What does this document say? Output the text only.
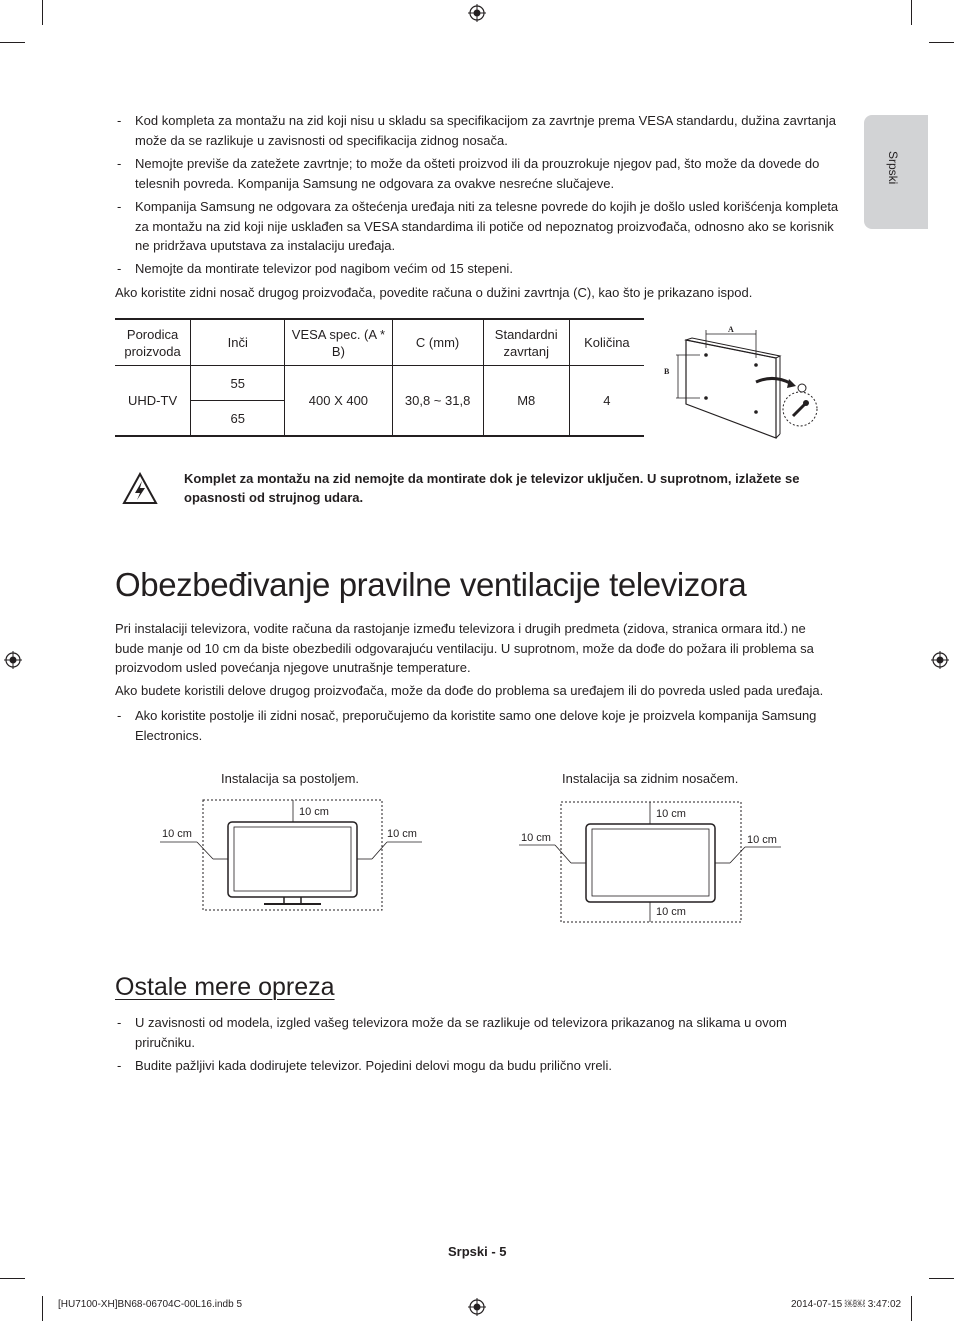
Srpski
- Kod kompleta za montažu na zid koji nisu u skladu sa specifikacijom za zavrtnje prema VESA standardu, dužina zavrtanja može da se razlikuje u zavisnosti od specifikacija zidnog nosača.
- Nemojte previše da zatežete zavrtnje; to može da ošteti proizvod ili da prouzrokuje njegov pad, što može da dovede do telesnih povreda. Kompanija Samsung ne odgovara za ovakve nesrećne slučajeve.
- Kompanija Samsung ne odgovara za oštećenja uređaja niti za telesne povrede do kojih je došlo usled korišćenja kompleta za montažu na zid koji nije usklađen sa VESA standardima ili potiče od nepoznatog proizvođača, odnosno ako se korisnik ne pridržava uputstava za instalaciju uređaja.
- Nemojte da montirate televizor pod nagibom većim od 15 stepeni.
Ako koristite zidni nosač drugog proizvođača, povedite računa o dužini zavrtnja (C), kao što je prikazano ispod.
Porodica proizvoda	Inči	VESA spec. (A * B)	C (mm)	Standardni zavrtanj	Količina
UHD-TV	55	400 X 400	30,8 ~ 31,8	M8	4
	65				
A
B
Komplet za montažu na zid nemojte da montirate dok je televizor uključen. U suprotnom, izlažete se opasnosti od strujnog udara.
Obezbeđivanje pravilne ventilacije televizora
Pri instalaciji televizora, vodite računa da rastojanje između televizora i drugih predmeta (zidova, stranica ormara itd.) ne bude manje od 10 cm da biste obezbedili odgovarajuću ventilaciju. U suprotnom, može da dođe do požara ili problema sa proizvodom usled povećanja njegove unutrašnje temperature.
Ako budete koristili delove drugog proizvođača, može da dođe do problema sa uređajem ili do povreda usled pada uređaja.
- Ako koristite postolje ili zidni nosač, preporučujemo da koristite samo one delove koje je proizvela kompanija Samsung Electronics.
Instalacija sa postoljem.	Instalacija sa zidnim nosačem.
10 cm
10 cm	10 cm
10 cm
10 cm
10 cm	10 cm
Ostale mere opreza
- U zavisnosti od modela, izgled vašeg televizora može da se razlikuje od televizora prikazanog na slikama u ovom priručniku.
- Budite pažljivi kada dodirujete televizor. Pojedini delovi mogu da budu prilično vreli.
Srpski - 5
[HU7100-XH]BN68-06704C-00L16.indb 5	2014-07-15 ￼￼ 3:47:02
